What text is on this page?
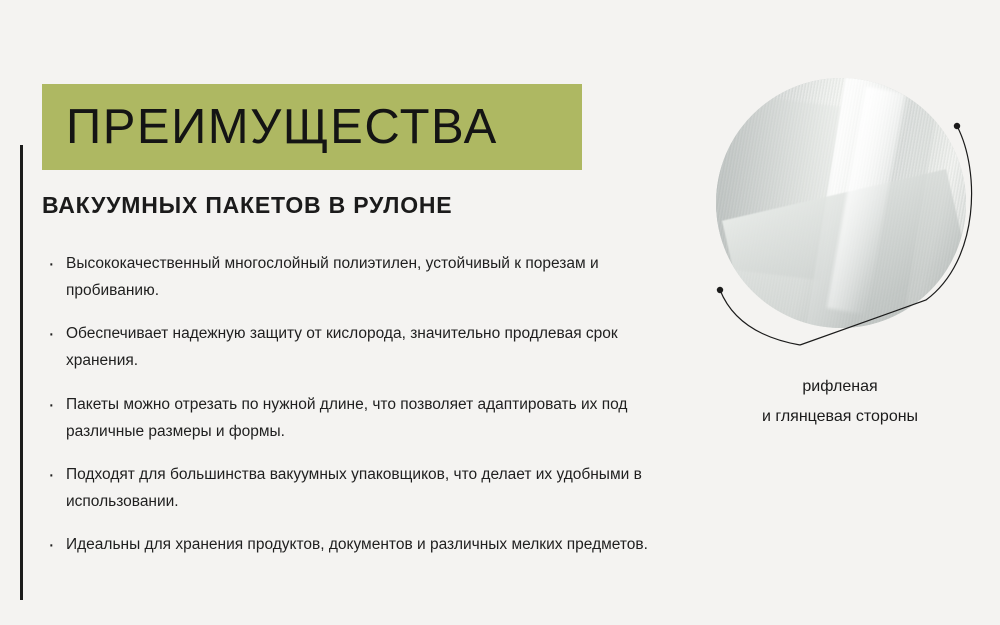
ПРЕИМУЩЕСТВА
ВАКУУМНЫХ ПАКЕТОВ В РУЛОНЕ
· Высококачественный многослойный полиэтилен, устойчивый к порезам и пробиванию.
· Обеспечивает надежную защиту от кислорода, значительно продлевая срок хранения.
· Пакеты можно отрезать по нужной длине, что позволяет адаптировать их под различные размеры и формы.
· Подходят для большинства вакуумных упаковщиков, что делает их удобными в использовании.
· Идеальны для хранения продуктов, документов и различных мелких предметов.
рифленая
и глянцевая стороны
